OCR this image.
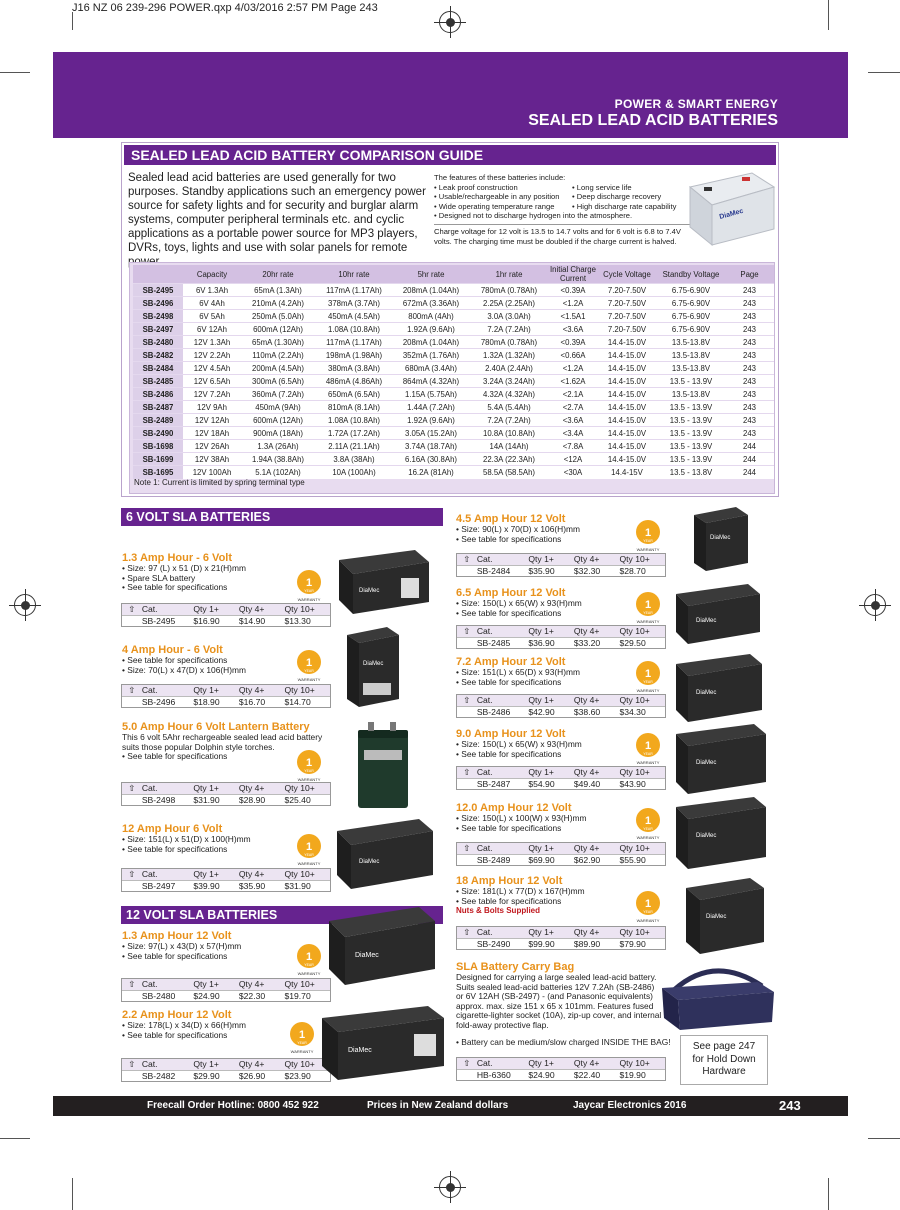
J16 NZ 06 239-296 POWER.qxp 4/03/2016 2:57 PM Page 243
POWER & SMART ENERGY
SEALED LEAD ACID BATTERIES
SEALED LEAD ACID BATTERY COMPARISON GUIDE
Sealed lead acid batteries are used generally for two purposes. Standby applications such an emergency power source for safety lights and for security and burglar alarm systems, computer peripheral terminals etc. and cyclic applications as a portable power source for MP3 players, DVRs, toys, lights and use with solar panels for remote
The features of these batteries include:
• Leak proof construction	• Long service life
• Usable/rechargeable in any position	• Deep discharge recovery
• Wide operating temperature range	• High discharge rate capability
• Designed not to discharge hydrogen into the atmosphere.
Charge voltage for 12 volt is 13.5 to 14.7 volts and for 6 volt is 6.8 to 7.4V volts. The charging time must be doubled if the charge current is halved.
DiaMec
	Capacity	20hr rate	10hr rate	5hr rate	1hr rate	Initial Charge Current	Cycle Voltage	Standby Voltage	Page
SB-2495	6V 1.3Ah	65mA (1.3Ah)	117mA (1.17Ah)	208mA (1.04Ah)	780mA (0.78Ah)	<0.39A	7.20-7.50V	6.75-6.90V	243
SB-2496	6V 4Ah	210mA (4.2Ah)	378mA (3.7Ah)	672mA (3.36Ah)	2.25A (2.25Ah)	<1.2A	7.20-7.50V	6.75-6.90V	243
SB-2498	6V 5Ah	250mA (5.0Ah)	450mA (4.5Ah)	800mA (4Ah)	3.0A (3.0Ah)	<1.5A1	7.20-7.50V	6.75-6.90V	243
SB-2497	6V 12Ah	600mA (12Ah)	1.08A (10.8Ah)	1.92A (9.6Ah)	7.2A (7.2Ah)	<3.6A	7.20-7.50V	6.75-6.90V	243
SB-2480	12V 1.3Ah	65mA (1.30Ah)	117mA (1.17Ah)	208mA (1.04Ah)	780mA (0.78Ah)	<0.39A	14.4-15.0V	13.5-13.8V	243
SB-2482	12V 2.2Ah	110mA (2.2Ah)	198mA (1.98Ah)	352mA (1.76Ah)	1.32A (1.32Ah)	<0.66A	14.4-15.0V	13.5-13.8V	243
SB-2484	12V 4.5Ah	200mA (4.5Ah)	380mA (3.8Ah)	680mA (3.4Ah)	2.40A (2.4Ah)	<1.2A	14.4-15.0V	13.5-13.8V	243
SB-2485	12V 6.5Ah	300mA (6.5Ah)	486mA (4.86Ah)	864mA (4.32Ah)	3.24A (3.24Ah)	<1.62A	14.4-15.0V	13.5 - 13.9V	243
SB-2486	12V 7.2Ah	360mA (7.2Ah)	650mA (6.5Ah)	1.15A (5.75Ah)	4.32A (4.32Ah)	<2.1A	14.4-15.0V	13.5-13.8V	243
SB-2487	12V 9Ah	450mA (9Ah)	810mA (8.1Ah)	1.44A (7.2Ah)	5.4A (5.4Ah)	<2.7A	14.4-15.0V	13.5 - 13.9V	243
SB-2489	12V 12Ah	600mA (12Ah)	1.08A (10.8Ah)	1.92A (9.6Ah)	7.2A (7.2Ah)	<3.6A	14.4-15.0V	13.5 - 13.9V	243
SB-2490	12V 18Ah	900mA (18Ah)	1.72A (17.2Ah)	3.05A (15.2Ah)	10.8A (10.8Ah)	<3.4A	14.4-15.0V	13.5 - 13.9V	243
SB-1698	12V 26Ah	1.3A (26Ah)	2.11A (21.1Ah)	3.74A (18.7Ah)	14A (14Ah)	<7.8A	14.4-15.0V	13.5 - 13.9V	244
SB-1699	12V 38Ah	1.94A (38.8Ah)	3.8A (38Ah)	6.16A (30.8Ah)	22.3A (22.3Ah)	<12A	14.4-15.0V	13.5 - 13.9V	244
SB-1695	12V 100Ah	5.1A (102Ah)	10A (100Ah)	16.2A (81Ah)	58.5A (58.5Ah)	<30A	14.4-15V	13.5 - 13.8V	244
Note 1: Current is limited by spring terminal type
6 VOLT SLA BATTERIES
12 VOLT SLA BATTERIES
1.3 Amp Hour - 6 Volt
• Size: 97 (L) x 51 (D) x 21(H)mm
• Spare SLA battery
• See table for specifications
⇧ Cat.	Qty 1+	Qty 4+	Qty 10+
SB-2495	$16.90	$14.90	$13.30
4 Amp Hour - 6 Volt
• See table for specifications
• Size: 70(L) x 47(D) x 106(H)mm
⇧ Cat.	Qty 1+	Qty 4+	Qty 10+
SB-2496	$18.90	$16.70	$14.70
5.0 Amp Hour 6 Volt Lantern Battery
This 6 volt 5Ahr rechargeable sealed lead acid battery suits those popular Dolphin style torches.
• See table for specifications
⇧ Cat.	Qty 1+	Qty 4+	Qty 10+
SB-2498	$31.90	$28.90	$25.40
12 Amp Hour 6 Volt
• Size: 151(L) x 51(D) x 100(H)mm
• See table for specifications
⇧ Cat.	Qty 1+	Qty 4+	Qty 10+
SB-2497	$39.90	$35.90	$31.90
1.3 Amp Hour 12 Volt
• Size: 97(L) x 43(D) x 57(H)mm
• See table for specifications
⇧ Cat.	Qty 1+	Qty 4+	Qty 10+
SB-2480	$24.90	$22.30	$19.70
2.2 Amp Hour 12 Volt
• Size: 178(L) x 34(D) x 66(H)mm
• See table for specifications
⇧ Cat.	Qty 1+	Qty 4+	Qty 10+
SB-2482	$29.90	$26.90	$23.90
4.5 Amp Hour 12 Volt
• Size: 90(L) x 70(D) x 106(H)mm
• See table for specifications
⇧ Cat.	Qty 1+	Qty 4+	Qty 10+
SB-2484	$35.90	$32.30	$28.70
6.5 Amp Hour 12 Volt
• Size: 150(L) x 65(W) x 93(H)mm
• See table for specifications
⇧ Cat.	Qty 1+	Qty 4+	Qty 10+
SB-2485	$36.90	$33.20	$29.50
7.2 Amp Hour 12 Volt
• Size: 151(L) x 65(D) x 93(H)mm
• See table for specifications
⇧ Cat.	Qty 1+	Qty 4+	Qty 10+
SB-2486	$42.90	$38.60	$34.30
9.0 Amp Hour 12 Volt
• Size: 150(L) x 65(W) x 93(H)mm
• See table for specifications
⇧ Cat.	Qty 1+	Qty 4+	Qty 10+
SB-2487	$54.90	$49.40	$43.90
12.0 Amp Hour 12 Volt
• Size: 150(L) x 100(W) x 93(H)mm
• See table for specifications
⇧ Cat.	Qty 1+	Qty 4+	Qty 10+
SB-2489	$69.90	$62.90	$55.90
18 Amp Hour 12 Volt
• Size: 181(L) x 77(D) x 167(H)mm
• See table for specifications
Nuts & Bolts Supplied
⇧ Cat.	Qty 1+	Qty 4+	Qty 10+
SB-2490	$99.90	$89.90	$79.90
SLA Battery Carry Bag
Designed for carrying a large sealed lead-acid battery. Suits sealed lead-acid batteries 12V 7.2Ah (SB-2486) or 6V 12AH (SB-2497) - (and Panasonic equivalents) approx. max. size 151 x 65 x 101mm. Features fused cigarette-lighter socket (10A), zip-up cover, and internal fold-away protective flap.
• Battery can be medium/slow charged INSIDE THE BAG!
⇧ Cat.	Qty 1+	Qty 4+	Qty 10+
HB-6360	$24.90	$22.40	$19.90
1
YEAR
WARRANTY
1
YEAR
WARRANTY
1
YEAR
WARRANTY
1
YEAR
WARRANTY
1
YEAR
WARRANTY
1
YEAR
WARRANTY
1
YEAR
WARRANTY
1
YEAR
WARRANTY
1
YEAR
WARRANTY
1
YEAR
WARRANTY
1
YEAR
WARRANTY
1
YEAR
WARRANTY
DiaMec
DiaMec
DiaMec
DiaMec
DiaMec
DiaMec
DiaMec
DiaMec
DiaMec
DiaMec
DiaMec
See page 247
for Hold Down
Hardware
Freecall Order Hotline: 0800 452 922	Prices in New Zealand dollars	Jaycar Electronics 2016	243
